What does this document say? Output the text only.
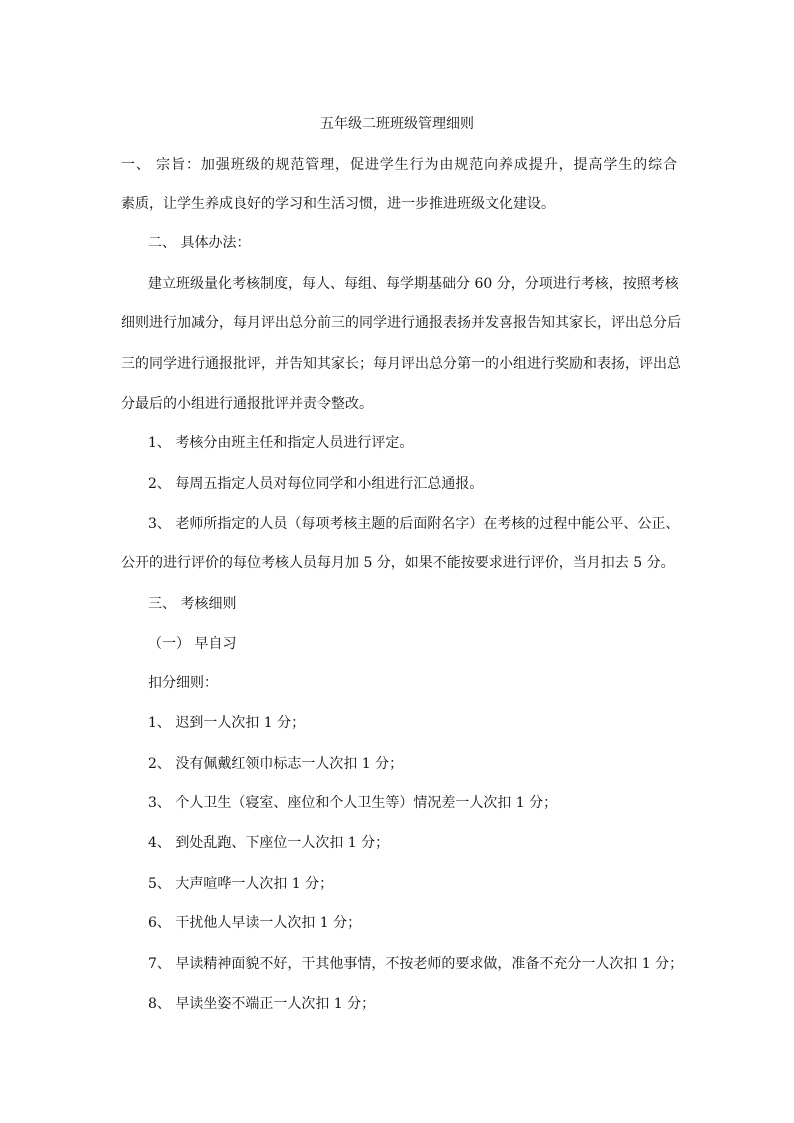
五年级二班班级管理细则
一、 宗旨：加强班级的规范管理，促进学生行为由规范向养成提升，提高学生的综合
素质，让学生养成良好的学习和生活习惯，进一步推进班级文化建设。
二、 具体办法：
建立班级量化考核制度，每人、每组、每学期基础分 60 分，分项进行考核，按照考核
细则进行加减分，每月评出总分前三的同学进行通报表扬并发喜报告知其家长，评出总分后
三的同学进行通报批评，并告知其家长；每月评出总分第一的小组进行奖励和表扬，评出总
分最后的小组进行通报批评并责令整改。
1、 考核分由班主任和指定人员进行评定。
2、 每周五指定人员对每位同学和小组进行汇总通报。
3、 老师所指定的人员（每项考核主题的后面附名字）在考核的过程中能公平、公正、
公开的进行评价的每位考核人员每月加 5 分，如果不能按要求进行评价，当月扣去 5 分。
三、 考核细则
（一） 早自习
扣分细则：
1、 迟到一人次扣 1 分；
2、 没有佩戴红领巾标志一人次扣 1 分；
3、 个人卫生（寝室、座位和个人卫生等）情况差一人次扣 1 分；
4、 到处乱跑、下座位一人次扣 1 分；
5、 大声喧哗一人次扣 1 分；
6、 干扰他人早读一人次扣 1 分；
7、 早读精神面貌不好，干其他事情，不按老师的要求做，准备不充分一人次扣 1 分；
8、 早读坐姿不端正一人次扣 1 分；
